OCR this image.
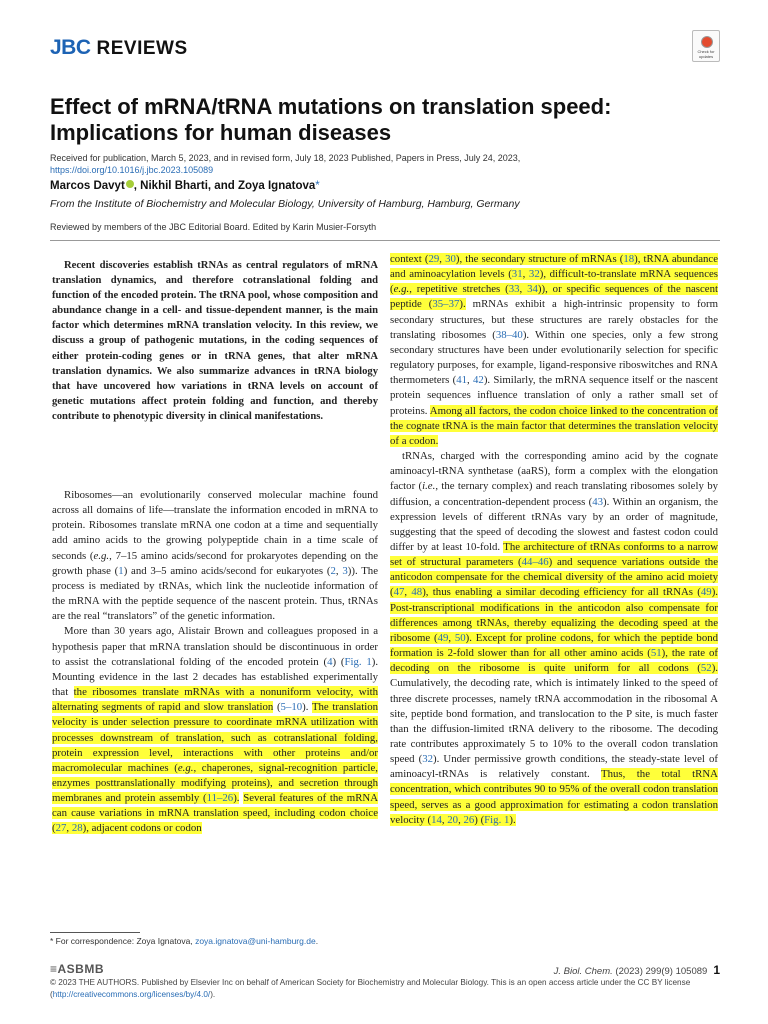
JBC REVIEWS	Check for updates
Effect of mRNA/tRNA mutations on translation speed:
Implications for human diseases
Received for publication, March 5, 2023, and in revised form, July 18, 2023 Published, Papers in Press, July 24, 2023,
https://doi.org/10.1016/j.jbc.2023.105089
Marcos Davyt , Nikhil Bharti, and Zoya Ignatova*
From the Institute of Biochemistry and Molecular Biology, University of Hamburg, Hamburg, Germany
Reviewed by members of the JBC Editorial Board. Edited by Karin Musier-Forsyth

Recent discoveries establish tRNAs as central regulators of mRNA translation dynamics, and therefore cotranslational folding and function of the encoded protein. The tRNA pool, whose composition and abundance change in a cell- and tissue-dependent manner, is the main factor which determines mRNA translation velocity. In this review, we discuss a group of pathogenic mutations, in the coding sequences of either protein-coding genes or in tRNA genes, that alter mRNA translation dynamics. We also summarize advances in tRNA biology that have uncovered how variations in tRNA levels on account of genetic mutations affect protein folding and function, and thereby contribute to phenotypic diversity in clinical manifestations.

Ribosomes—an evolutionarily conserved molecular machine found across all domains of life—translate the information encoded in mRNA to protein. Ribosomes translate mRNA one codon at a time and sequentially add amino acids to the growing polypeptide chain in a time scale of seconds (e.g., 7–15 amino acids/second for prokaryotes depending on the growth phase (1) and 3–5 amino acids/second for eukaryotes (2, 3)). The process is mediated by tRNAs, which link the nucleotide information of the mRNA with the peptide sequence of the nascent protein. Thus, tRNAs are the real “translators” of the genetic information.

More than 30 years ago, Alistair Brown and colleagues proposed in a hypothesis paper that mRNA translation should be discontinuous in order to assist the cotranslational folding of the encoded protein (4) (Fig. 1). Mounting evidence in the last 2 decades has established experimentally that the ribosomes translate mRNAs with a nonuniform velocity, with alternating segments of rapid and slow translation (5–10). The translation velocity is under selection pressure to coordinate mRNA utilization with processes downstream of translation, such as cotranslational folding, protein expression level, interactions with other proteins and/or macromolecular machines (e.g., chaperones, signal-recognition particle, enzymes posttranslationally modifying proteins), and secretion through membranes and protein assembly (11–26). Several features of the mRNA can cause variations in mRNA translation speed, including codon choice (27, 28), adjacent codons or codon

context (29, 30), the secondary structure of mRNAs (18), tRNA abundance and aminoacylation levels (31, 32), difficult-to-translate mRNA sequences (e.g., repetitive stretches (33, 34)), or specific sequences of the nascent peptide (35–37). mRNAs exhibit a high-intrinsic propensity to form secondary structures, but these structures are rarely obstacles for the translating ribosomes (38–40). Within one species, only a few strong secondary structures have been under evolutionarily selection for specific regulatory purposes, for example, ligand-responsive riboswitches and RNA thermometers (41, 42). Similarly, the mRNA sequence itself or the nascent protein sequences influence translation of only a rather small set of proteins. Among all factors, the codon choice linked to the concentration of the cognate tRNA is the main factor that determines the translation velocity of a codon.

tRNAs, charged with the corresponding amino acid by the cognate aminoacyl-tRNA synthetase (aaRS), form a complex with the elongation factor (i.e., the ternary complex) and reach translating ribosomes solely by diffusion, a concentration-dependent process (43). Within an organism, the expression levels of different tRNAs vary by an order of magnitude, suggesting that the speed of decoding the slowest and fastest codon could differ by at least 10-fold. The architecture of tRNAs conforms to a narrow set of structural parameters (44–46) and sequence variations outside the anticodon compensate for the chemical diversity of the amino acid moiety (47, 48), thus enabling a similar decoding efficiency for all tRNAs (49). Post-transcriptional modifications in the anticodon also compensate for differences among tRNAs, thereby equalizing the decoding speed at the ribosome (49, 50). Except for proline codons, for which the peptide bond formation is 2-fold slower than for all other amino acids (51), the rate of decoding on the ribosome is quite uniform for all codons (52). Cumulatively, the decoding rate, which is intimately linked to the speed of three discrete processes, namely tRNA accommodation in the ribosomal A site, peptide bond formation, and translocation to the P site, is much faster than the diffusion-limited tRNA delivery to the ribosome. The decoding rate contributes approximately 5 to 10% to the overall codon translation speed (32). Under permissive growth conditions, the steady-state level of aminoacyl-tRNAs is relatively constant. Thus, the total tRNA concentration, which contributes 90 to 95% of the overall codon translation speed, serves as a good approximation for estimating a codon translation velocity (14, 20, 26) (Fig. 1).

* For correspondence: Zoya Ignatova, zoya.ignatova@uni-hamburg.de.
≡ASBMB	J. Biol. Chem. (2023) 299(9) 105089 1
© 2023 THE AUTHORS. Published by Elsevier Inc on behalf of American Society for Biochemistry and Molecular Biology. This is an open access article under the CC BY license (http://creativecommons.org/licenses/by/4.0/).
